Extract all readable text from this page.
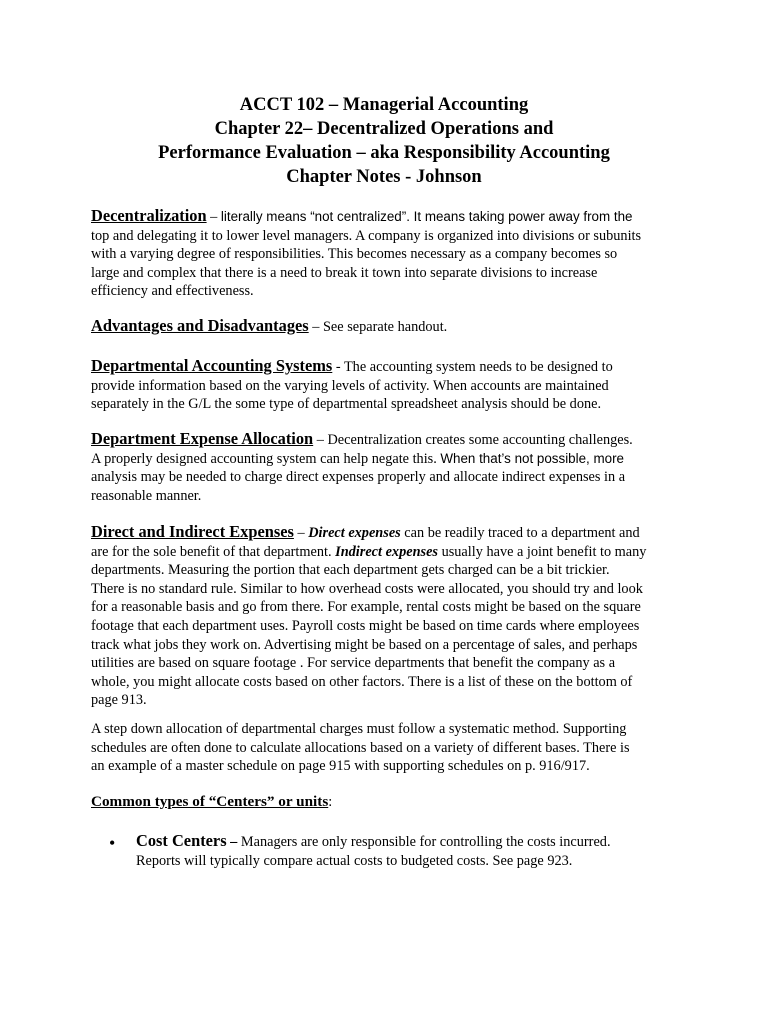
ACCT 102 – Managerial Accounting
Chapter 22– Decentralized Operations and
Performance Evaluation – aka Responsibility Accounting
Chapter Notes - Johnson
Decentralization – literally means “not centralized”. It means taking power away from the
top and delegating it to lower level managers. A company is organized into divisions or subunits
with a varying degree of responsibilities. This becomes necessary as a company becomes so
large and complex that there is a need to break it town into separate divisions to increase
efficiency and effectiveness.
Advantages and Disadvantages – See separate handout.
Departmental Accounting Systems - The accounting system needs to be designed to
provide information based on the varying levels of activity. When accounts are maintained
separately in the G/L the some type of departmental spreadsheet analysis should be done.
Department Expense Allocation – Decentralization creates some accounting challenges.
A properly designed accounting system can help negate this. When that’s not possible, more
analysis may be needed to charge direct expenses properly and allocate indirect expenses in a
reasonable manner.
Direct and Indirect Expenses – Direct expenses can be readily traced to a department and
are for the sole benefit of that department. Indirect expenses usually have a joint benefit to many
departments. Measuring the portion that each department gets charged can be a bit trickier.
There is no standard rule. Similar to how overhead costs were allocated, you should try and look
for a reasonable basis and go from there. For example, rental costs might be based on the square
footage that each department uses. Payroll costs might be based on time cards where employees
track what jobs they work on. Advertising might be based on a percentage of sales, and perhaps
utilities are based on square footage . For service departments that benefit the company as a
whole, you might allocate costs based on other factors. There is a list of these on the bottom of
page 913.
A step down allocation of departmental charges must follow a systematic method. Supporting
schedules are often done to calculate allocations based on a variety of different bases. There is
an example of a master schedule on page 915 with supporting schedules on p. 916/917.
Common types of “Centers” or units:
• Cost Centers – Managers are only responsible for controlling the costs incurred.
Reports will typically compare actual costs to budgeted costs. See page 923.
